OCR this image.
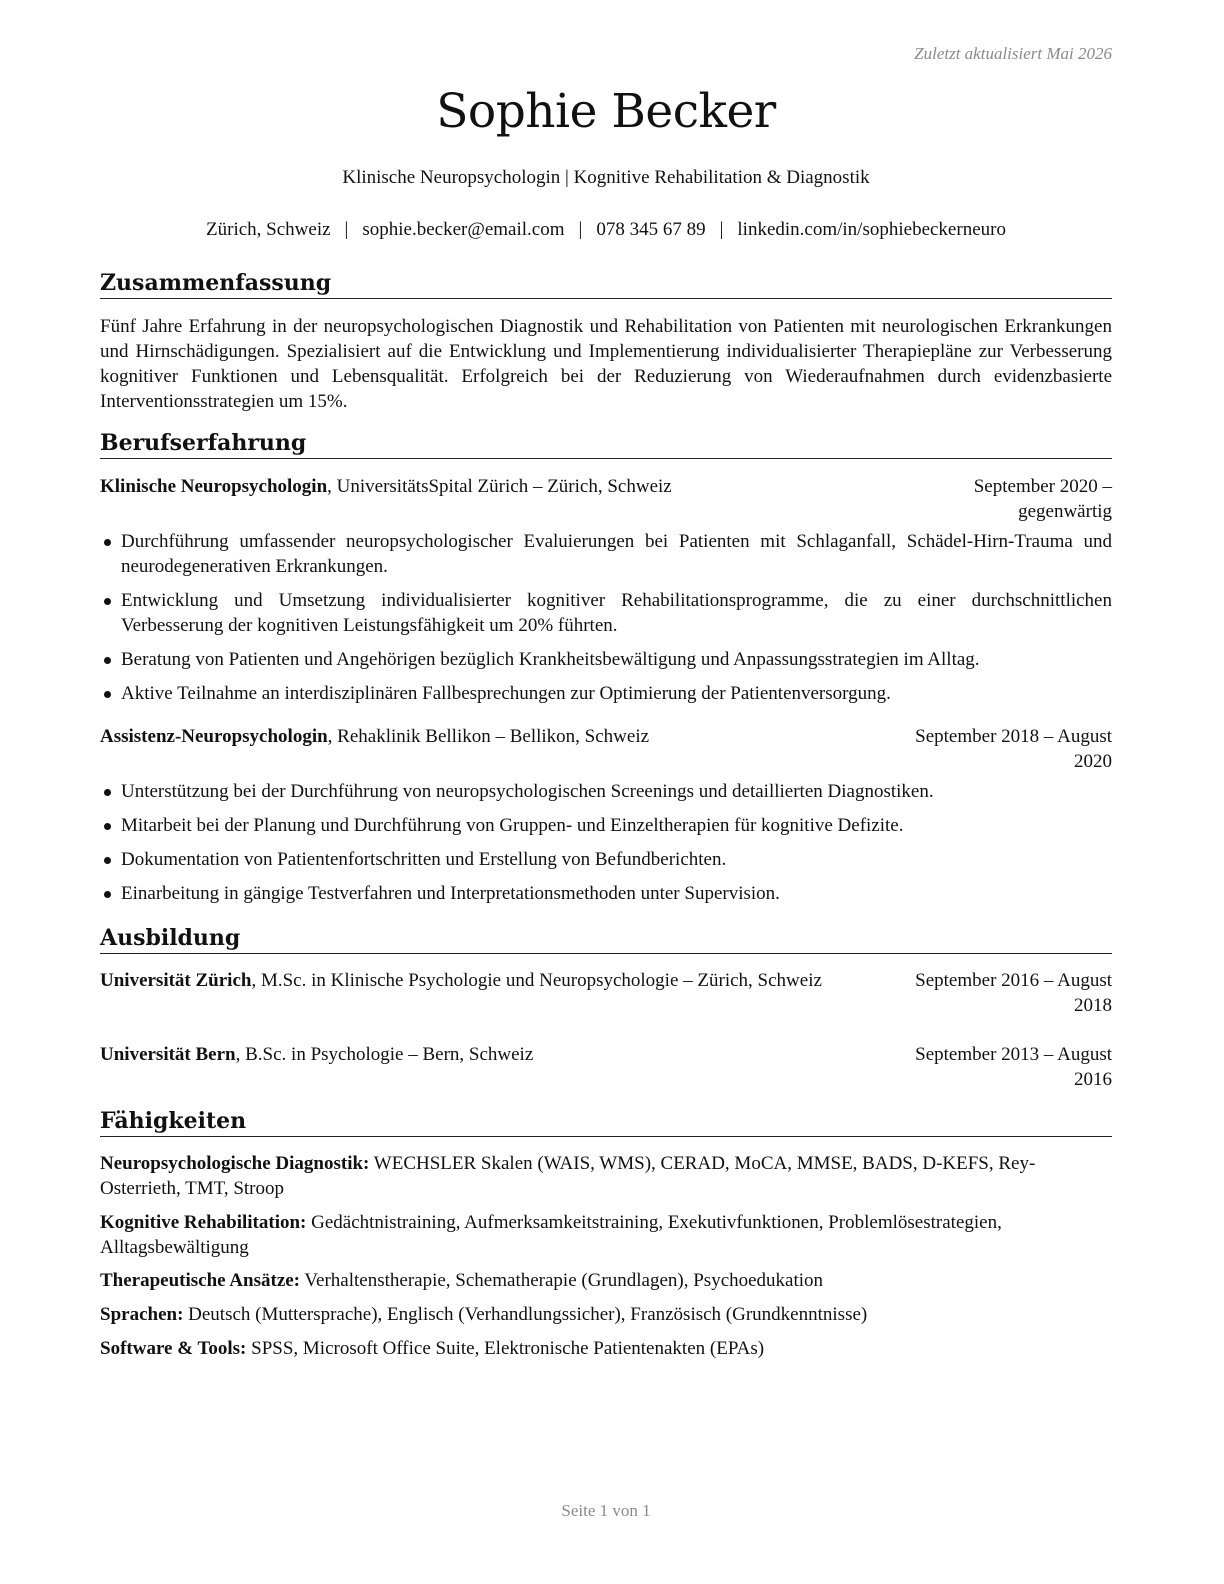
Zuletzt aktualisiert Mai 2026
Sophie Becker
Klinische Neuropsychologin | Kognitive Rehabilitation & Diagnostik
Zürich, Schweiz | sophie.becker@email.com | 078 345 67 89 | linkedin.com/in/sophiebeckerneuro
Zusammenfassung

Fünf Jahre Erfahrung in der neuropsychologischen Diagnostik und Rehabilitation von Patienten mit neurologischen Erkrankungen und Hirnschädigungen. Spezialisiert auf die Entwicklung und Implementierung individualisierter Therapiepläne zur Verbesserung kognitiver Funktionen und Lebensqualität. Erfolgreich bei der Reduzierung von Wiederaufnahmen durch evidenzbasierte Interventionsstrategien um 15%.

Berufserfahrung
Klinische Neuropsychologin, UniversitätsSpital Zürich – Zürich, Schweiz	September 2020 – gegenwärtig
Durchführung umfassender neuropsychologischer Evaluierungen bei Patienten mit Schlaganfall, Schädel-Hirn-Trauma und neurodegenerativen Erkrankungen.
Entwicklung und Umsetzung individualisierter kognitiver Rehabilitationsprogramme, die zu einer durchschnittlichen Verbesserung der kognitiven Leistungsfähigkeit um 20% führten.
Beratung von Patienten und Angehörigen bezüglich Krankheitsbewältigung und Anpassungsstrategien im Alltag.
Aktive Teilnahme an interdisziplinären Fallbesprechungen zur Optimierung der Patientenversorgung.
Assistenz-Neuropsychologin, Rehaklinik Bellikon – Bellikon, Schweiz	September 2018 – August 2020
Unterstützung bei der Durchführung von neuropsychologischen Screenings und detaillierten Diagnostiken.
Mitarbeit bei der Planung und Durchführung von Gruppen- und Einzeltherapien für kognitive Defizite.
Dokumentation von Patientenfortschritten und Erstellung von Befundberichten.
Einarbeitung in gängige Testverfahren und Interpretationsmethoden unter Supervision.
Ausbildung
Universität Zürich, M.Sc. in Klinische Psychologie und Neuropsychologie – Zürich, Schweiz	September 2016 – August 2018
Universität Bern, B.Sc. in Psychologie – Bern, Schweiz	September 2013 – August 2016
Fähigkeiten

Neuropsychologische Diagnostik: WECHSLER Skalen (WAIS, WMS), CERAD, MoCA, MMSE, BADS, D-KEFS, Rey-Osterrieth, TMT, Stroop

Kognitive Rehabilitation: Gedächtnistraining, Aufmerksamkeitstraining, Exekutivfunktionen, Problemlösestrategien, Alltagsbewältigung

Therapeutische Ansätze: Verhaltenstherapie, Schematherapie (Grundlagen), Psychoedukation

Sprachen: Deutsch (Muttersprache), Englisch (Verhandlungssicher), Französisch (Grundkenntnisse)

Software & Tools: SPSS, Microsoft Office Suite, Elektronische Patientenakten (EPAs)

Seite 1 von 1
